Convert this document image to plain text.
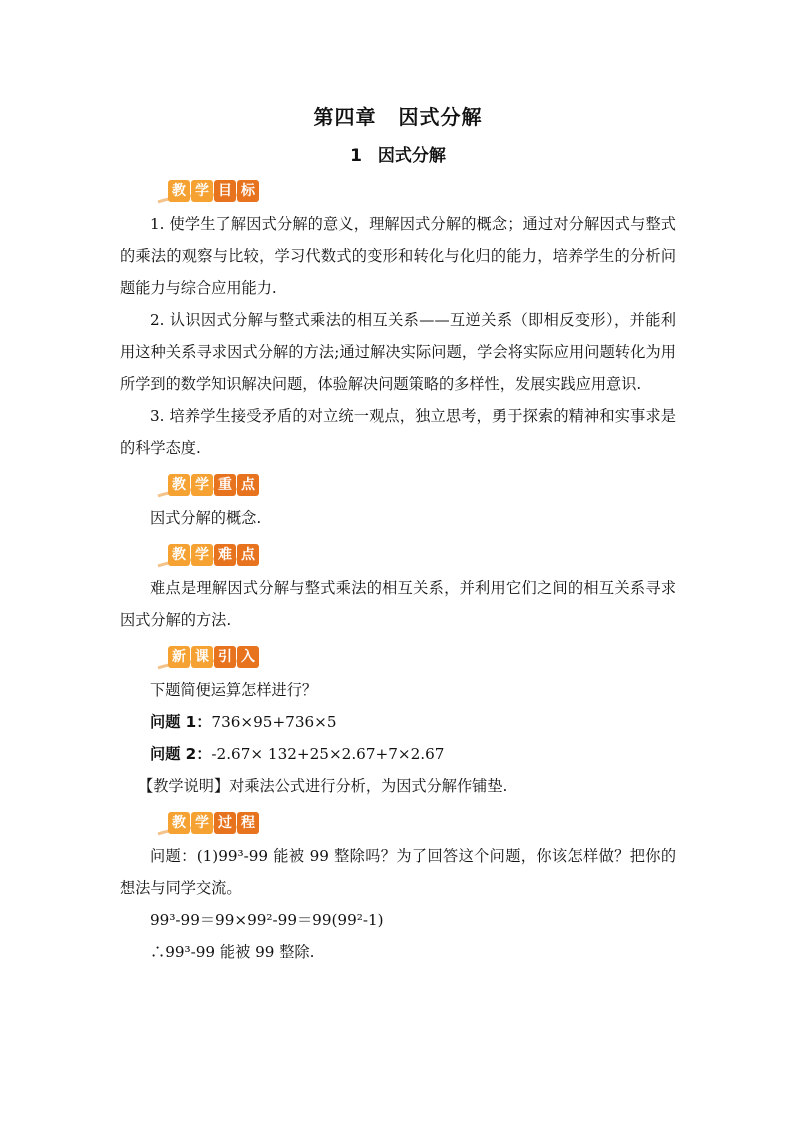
第四章 因式分解
1 因式分解
教 学 目 标

1. 使学生了解因式分解的意义，理解因式分解的概念；通过对分解因式与整式的乘法的观察与比较，学习代数式的变形和转化与化归的能力，培养学生的分析问题能力与综合应用能力.

2. 认识因式分解与整式乘法的相互关系——互逆关系（即相反变形），并能利用这种关系寻求因式分解的方法;通过解决实际问题，学会将实际应用问题转化为用所学到的数学知识解决问题，体验解决问题策略的多样性，发展实践应用意识.

3. 培养学生接受矛盾的对立统一观点，独立思考，勇于探索的精神和实事求是的科学态度.

教 学 重 点

因式分解的概念.

教 学 难 点

难点是理解因式分解与整式乘法的相互关系，并利用它们之间的相互关系寻求因式分解的方法.

新 课 引 入

下题简便运算怎样进行？

问题 1：736×95+736×5

问题 2：-2.67× 132+25×2.67+7×2.67

【教学说明】对乘法公式进行分析，为因式分解作铺垫.

教 学 过 程

问题：(1)99³-99 能被 99 整除吗？为了回答这个问题，你该怎样做？把你的想法与同学交流。

99³-99＝99×99²-99＝99(99²-1)

∴99³-99 能被 99 整除.
